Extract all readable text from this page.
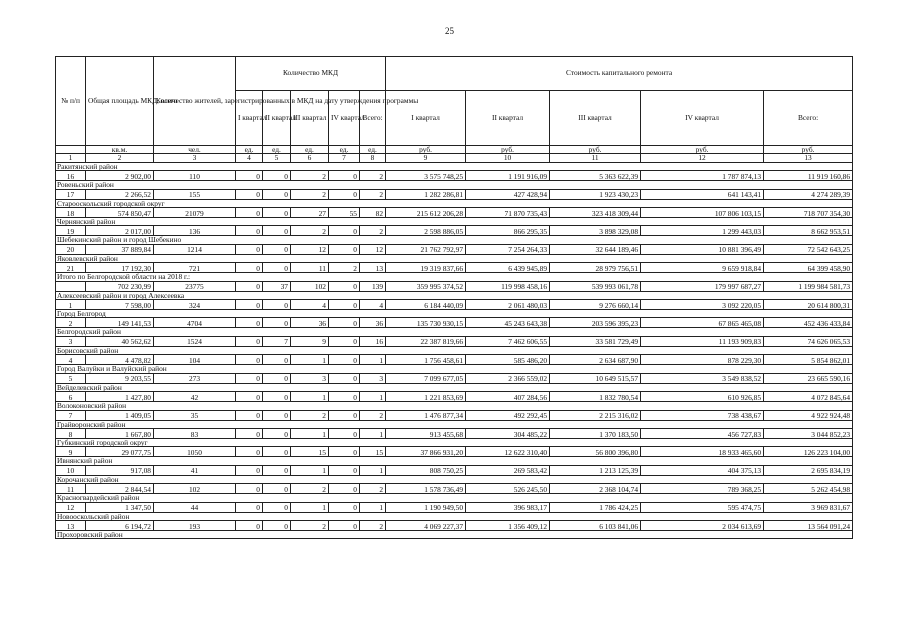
25
№ п/п	Общая площадь МКД, всего	Количество жителей, зарегистрированных в МКД на дату утверждения программы	Количество МКД					Стоимость капитального ремонта				
			I квартал	II квартал	III квартал	IV квартал	Всего:	I квартал	II квартал	III квартал	IV квартал	Всего:
	кв.м.	чел.	ед.	ед.	ед.	ед.	ед.	руб.	руб.	руб.	руб.	руб.
1	2	3	4	5	6	7	8	9	10	11	12	13
Ракитянский район												
16	2 902,00	110	0	0	2	0	2	3 575 748,25	1 191 916,09	5 363 622,39	1 787 874,13	11 919 160,86
Ровеньский район												
17	2 266,52	155	0	0	2	0	2	1 282 286,81	427 428,94	1 923 430,23	641 143,41	4 274 289,39
Старооскольский городской округ												
18	574 850,47	21079	0	0	27	55	82	215 612 206,28	71 870 735,43	323 418 309,44	107 806 103,15	718 707 354,30
Чернянский район												
19	2 017,00	136	0	0	2	0	2	2 598 886,05	866 295,35	3 898 329,08	1 299 443,03	8 662 953,51
Шебекинский район и город Шебекино												
20	37 889,84	1214	0	0	12	0	12	21 762 792,97	7 254 264,33	32 644 189,46	10 881 396,49	72 542 643,25
Яковлевский район												
21	17 192,30	721	0	0	11	2	13	19 319 837,66	6 439 945,89	28 979 756,51	9 659 918,84	64 399 458,90
Итого по Белгородской области на 2018 г.:												
	702 230,99	23775	0	37	102	0	139	359 995 374,52	119 998 458,16	539 993 061,78	179 997 687,27	1 199 984 581,73
Алексеевский район и город Алексеевка												
1	7 598,00	324	0	0	4	0	4	6 184 440,09	2 061 480,03	9 276 660,14	3 092 220,05	20 614 800,31
Город Белгород												
2	149 141,53	4704	0	0	36	0	36	135 730 930,15	45 243 643,38	203 596 395,23	67 865 465,08	452 436 433,84
Белгородский район												
3	40 562,62	1524	0	7	9	0	16	22 387 819,66	7 462 606,55	33 581 729,49	11 193 909,83	74 626 065,53
Борисовский район												
4	4 478,82	104	0	0	1	0	1	1 756 458,61	585 486,20	2 634 687,90	878 229,30	5 854 862,01
Город Валуйки и Валуйский район												
5	9 203,55	273	0	0	3	0	3	7 099 677,05	2 366 559,02	10 649 515,57	3 549 838,52	23 665 590,16
Вейделевский район												
6	1 427,80	42	0	0	1	0	1	1 221 853,69	407 284,56	1 832 780,54	610 926,85	4 072 845,64
Волоконовский район												
7	1 409,05	35	0	0	2	0	2	1 476 877,34	492 292,45	2 215 316,02	738 438,67	4 922 924,48
Грайворонский район												
8	1 667,80	83	0	0	1	0	1	913 455,68	304 485,22	1 370 183,50	456 727,83	3 044 852,23
Губкинский городской округ												
9	29 077,75	1050	0	0	15	0	15	37 866 931,20	12 622 310,40	56 800 396,80	18 933 465,60	126 223 104,00
Ивнянский район												
10	917,08	41	0	0	1	0	1	808 750,25	269 583,42	1 213 125,39	404 375,13	2 695 834,19
Корочанский район												
11	2 844,54	102	0	0	2	0	2	1 578 736,49	526 245,50	2 368 104,74	789 368,25	5 262 454,98
Красногвардейский район												
12	1 347,50	44	0	0	1	0	1	1 190 949,50	396 983,17	1 786 424,25	595 474,75	3 969 831,67
Новооскольский район												
13	6 194,72	193	0	0	2	0	2	4 069 227,37	1 356 409,12	6 103 841,06	2 034 613,69	13 564 091,24
Прохоровский район												
